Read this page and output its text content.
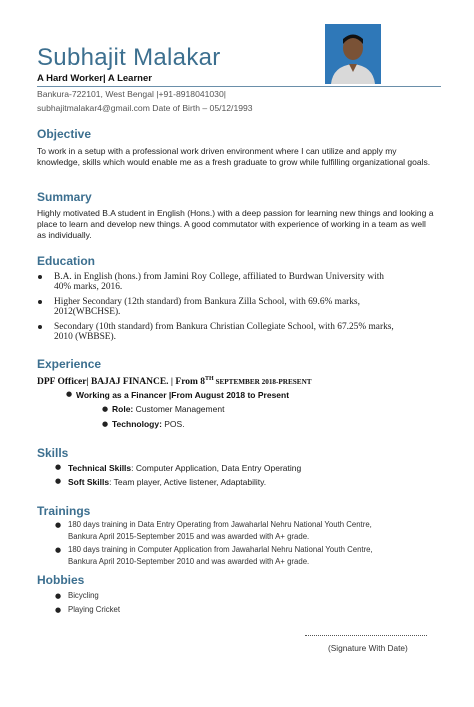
Subhajit Malakar
A Hard Worker| A Learner
Bankura-722101, West Bengal |+91-8918041030|
subhajitmalakar4@gmail.com Date of Birth – 05/12/1993
Objective
To work in a setup with a professional work driven environment where I can utilize and apply my knowledge, skills which would enable me as a fresh graduate to grow while fulfilling organizational goals.
Summary
Highly motivated B.A student in English (Hons.) with a deep passion for learning new things and looking a place to learn and develop new things. A good commutator with experience of working in a team as well as individually.
Education
B.A. in English (hons.) from Jamini Roy College, affiliated to Burdwan University with 40% marks, 2016.
Higher Secondary (12th standard) from Bankura Zilla School, with 69.6% marks, 2012(WBCHSE).
Secondary (10th standard) from Bankura Christian Collegiate School, with 67.25% marks, 2010 (WBBSE).
Experience
DPF Officer| BAJAJ FINANCE. | From 8TH SEPTEMBER 2018-PRESENT
● Working as a Financer |From August 2018 to Present
● Role: Customer Management
● Technology: POS.
Skills
● Technical Skills: Computer Application, Data Entry Operating
● Soft Skills: Team player, Active listener, Adaptability.
Trainings
● 180 days training in Data Entry Operating from Jawaharlal Nehru National Youth Centre, Bankura April 2015-September 2015 and was awarded with A+ grade.
● 180 days training in Computer Application from Jawaharlal Nehru National Youth Centre, Bankura April 2010-September 2010 and was awarded with A+ grade.
Hobbies
● Bicycling
● Playing Cricket
(Signature With Date)
